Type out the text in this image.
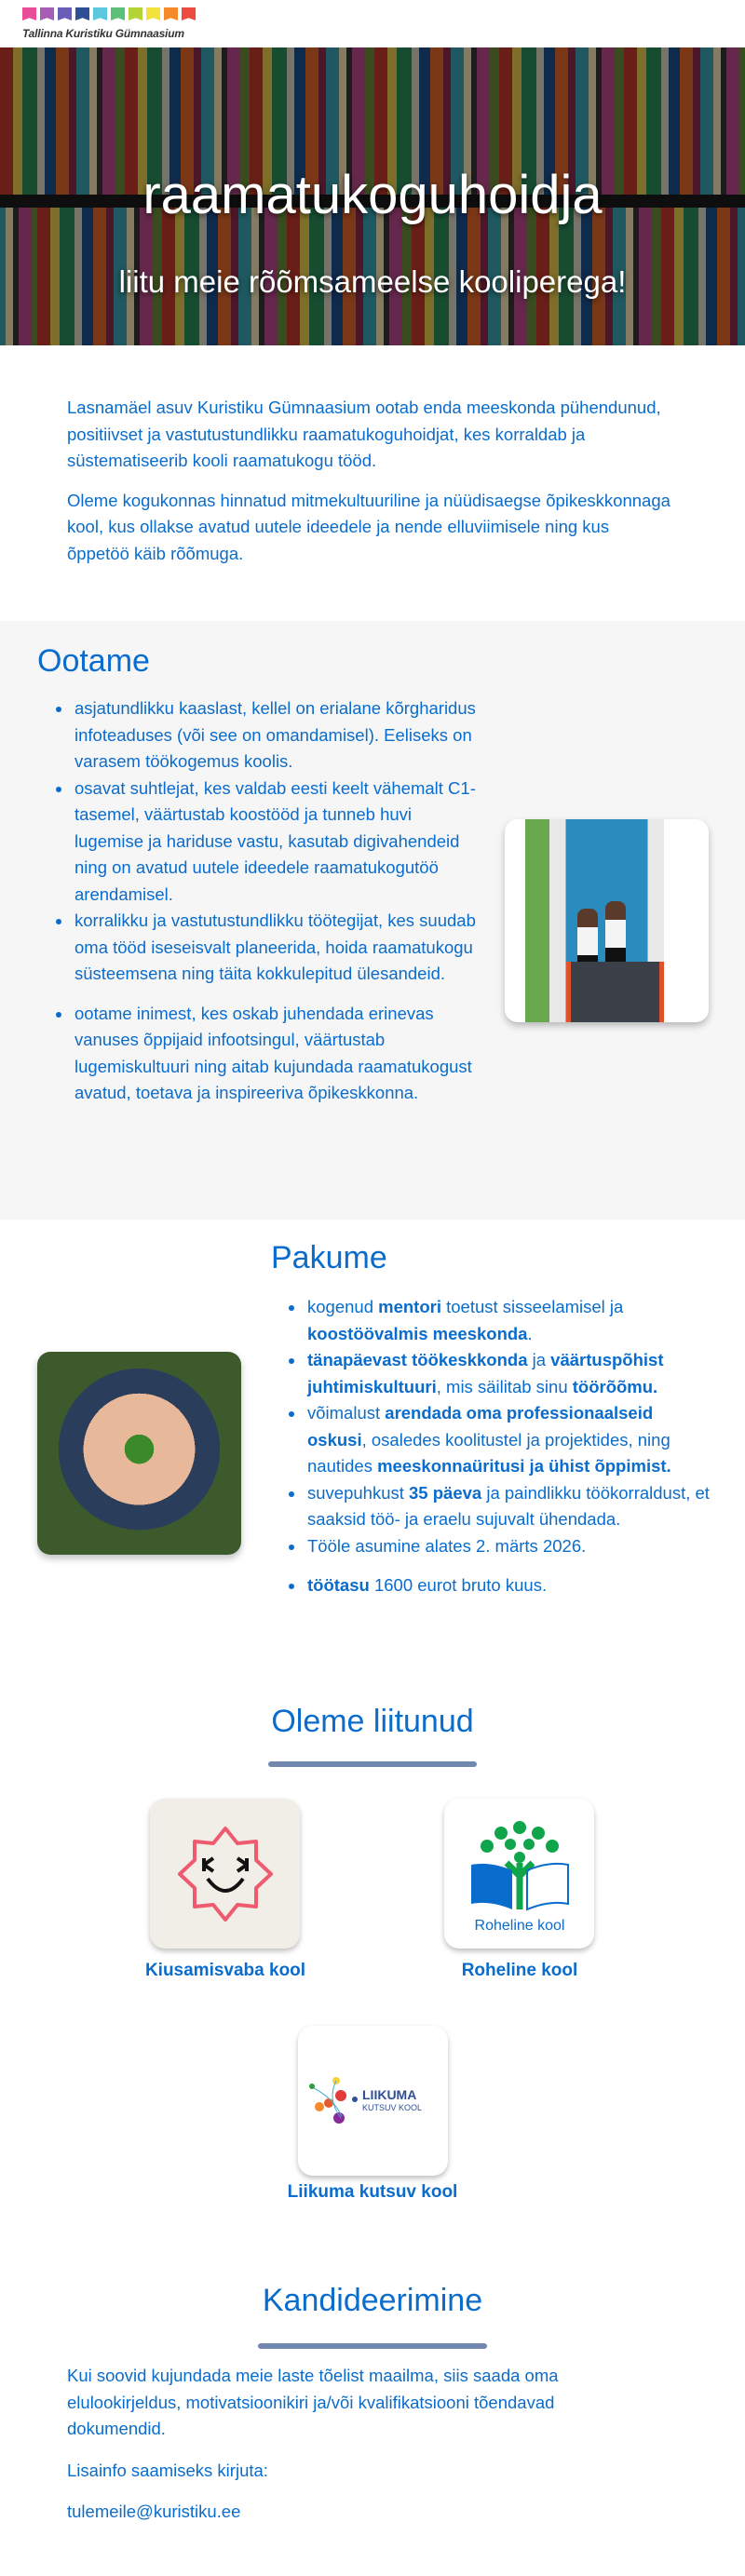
Tallinna Kuristiku Gümnaasium
raamatukoguhoidja
liitu meie rõõmsameelse kooliperega!

Lasnamäel asuv Kuristiku Gümnaasium ootab enda meeskonda pühendunud, positiivset ja vastutustundlikku raamatukoguhoidjat, kes korraldab ja süstematiseerib kooli raamatukogu tööd.

Oleme kogukonnas hinnatud mitmekultuuriline ja nüüdisaegse õpikeskkonnaga kool, kus ollakse avatud uutele ideedele ja nende elluviimisele ning kus õppetöö käib rõõmuga.

Ootame
asjatundlikku kaaslast, kellel on erialane kõrgharidus infoteaduses (või see on omandamisel). Eeliseks on varasem töökogemus koolis.
osavat suhtlejat, kes valdab eesti keelt vähemalt C1-tasemel, väärtustab koostööd ja tunneb huvi lugemise ja hariduse vastu, kasutab digivahendeid ning on avatud uutele ideedele raamatukogutöö arendamisel.
korralikku ja vastutustundlikku töötegijat, kes suudab oma tööd iseseisvalt planeerida, hoida raamatukogu süsteemsena ning täita kokkulepitud ülesandeid.
ootame inimest, kes oskab juhendada erinevas vanuses õppijaid infootsingul, väärtustab lugemiskultuuri ning aitab kujundada raamatukogust avatud, toetava ja inspireeriva õpikeskkonna.
Pakume
kogenud mentori toetust sisseelamisel ja koostöövalmis meeskonda.
tänapäevast töökeskkonda ja väärtuspõhist juhtimiskultuuri, mis säilitab sinu töörõõmu.
võimalust arendada oma professionaalseid oskusi, osaledes koolitustel ja projektides, ning nautides meeskonnaüritusi ja ühist õppimist.
suvepuhkust 35 päeva ja paindlikku töökorraldust, et saaksid töö- ja eraelu sujuvalt ühendada.
Tööle asumine alates 2. märts 2026.
töötasu 1600 eurot bruto kuus.
Oleme liitunud
Kiusamisvaba kool
Roheline kool
Roheline kool
LIIKUMA
KUTSUV KOOL
Liikuma kutsuv kool
Kandideerimine

Kui soovid kujundada meie laste tõelist maailma, siis saada oma elulookirjeldus, motivatsioonikiri ja/või kvalifikatsiooni tõendavad dokumendid.

Lisainfo saamiseks kirjuta:

tulemeile@kuristiku.ee
